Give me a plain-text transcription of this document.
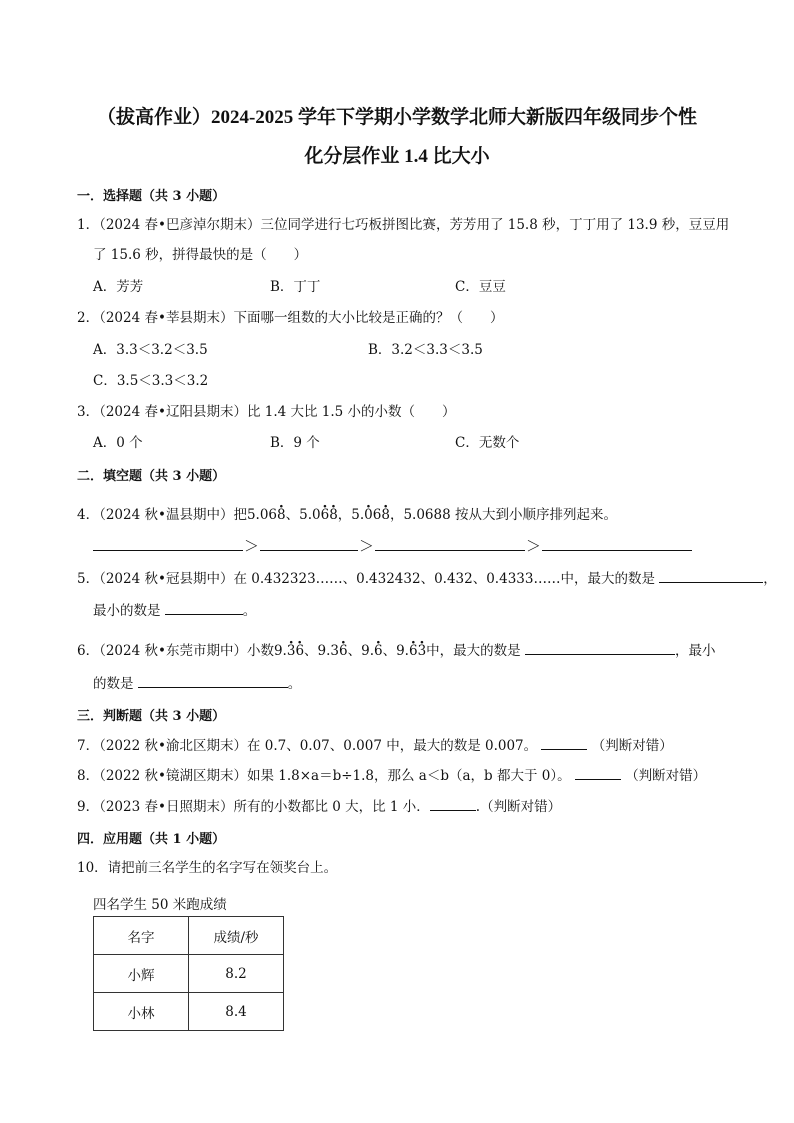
（拔高作业）2024-2025 学年下学期小学数学北师大新版四年级同步个性
化分层作业 1.4 比大小
一．选择题（共 3 小题）
1．（2024 春•巴彦淖尔期末）三位同学进行七巧板拼图比赛，芳芳用了 15.8 秒，丁丁用了 13.9 秒，豆豆用
了 15.6 秒，拼得最快的是（　　）
A．芳芳	B．丁丁	C．豆豆
2．（2024 春•莘县期末）下面哪一组数的大小比较是正确的？（　　）
A．3.3＜3.2＜3.5	B．3.2＜3.3＜3.5
C．3.5＜3.3＜3.2
3．（2024 春•辽阳县期末）比 1.4 大比 1.5 小的小数（　　）
A．0 个	B．9 个	C．无数个
二．填空题（共 3 小题）
4．（2024 秋•温县期中）把5.068 ·、5.06 ·8 ·，5.0 ·68 ·，5.0688 按从大到小顺序排列起来。
＞	＞	＞
5．（2024 秋•冠县期中）在 0.432323……、0.432432、0.432、0.4333……中，最大的数是	，
最小的数是	。
6．（2024 秋•东莞市期中）小数9.3 ·6 ·、9.36 ·、9.6 ·、9.6 ·3 ·中，最大的数是	，最小
的数是	。
三．判断题（共 3 小题）
7．（2022 秋•渝北区期末）在 0.7、0.07、0.007 中，最大的数是 0.007。	（判断对错）
8．（2022 秋•镜湖区期末）如果 1.8×a＝b÷1.8，那么 a＜b（a，b 都大于 0）。	（判断对错）
9．（2023 春•日照期末）所有的小数都比 0 大，比 1 小．	.（判断对错）
四．应用题（共 1 小题）
10．请把前三名学生的名字写在领奖台上。
四名学生 50 米跑成绩
名字	成绩/秒
小辉	8.2
小林	8.4
